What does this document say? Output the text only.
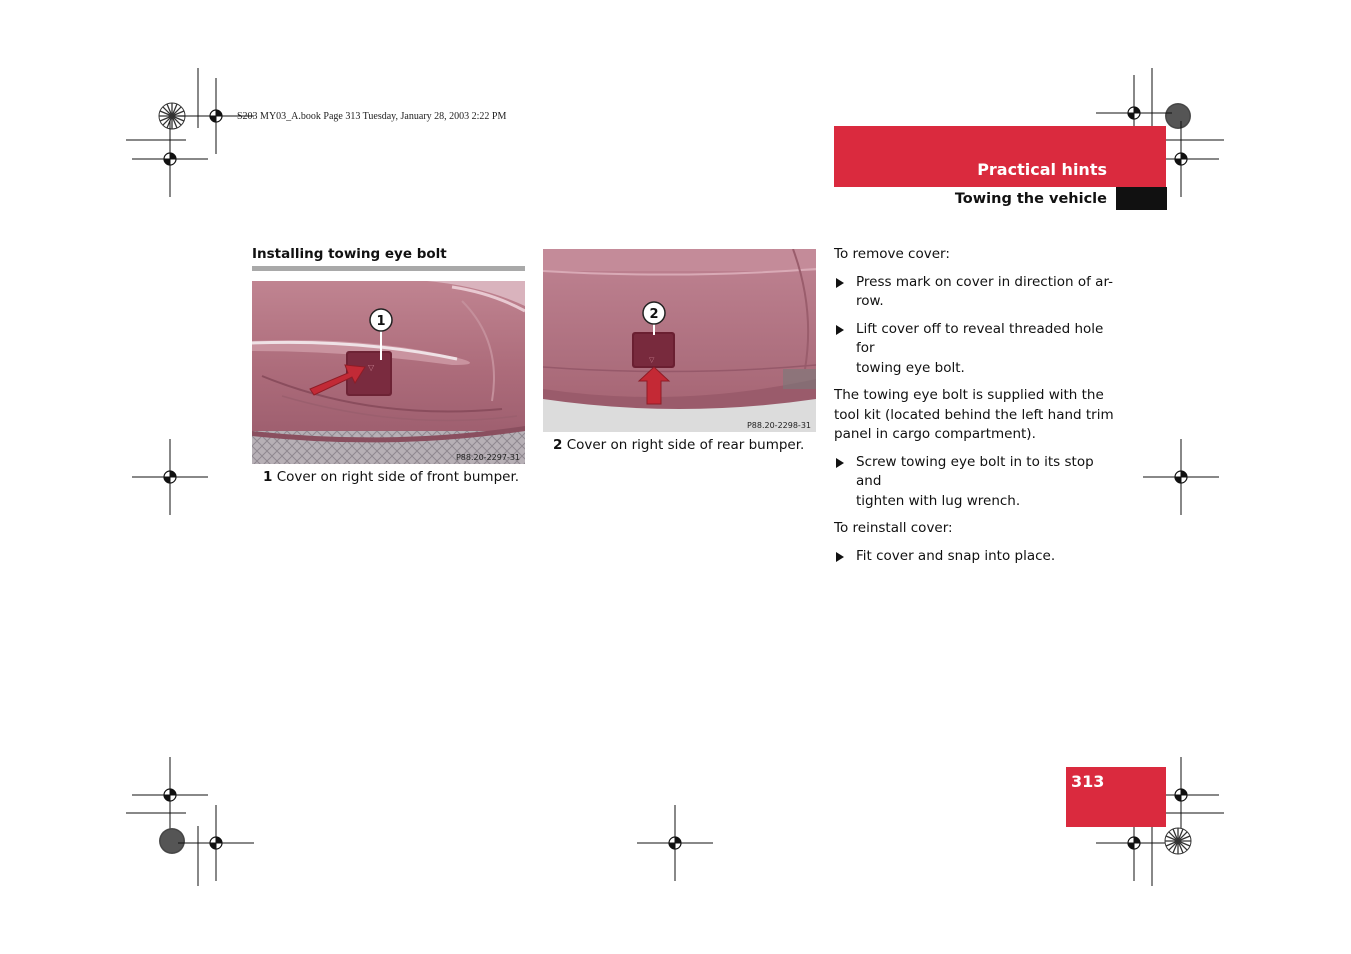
S203 MY03_A.book Page 313 Tuesday, January 28, 2003 2:22 PM
Practical hints
Towing the vehicle
Installing towing eye bolt
▽
1
P88.20-2297-31
1 Cover on right side of front bumper.
▽
2
P88.20-2298-31
2 Cover on right side of rear bumper.

To remove cover:

Press mark on cover in direction of ar-
row.
Lift cover off to reveal threaded hole for
towing eye bolt.

The towing eye bolt is supplied with the
tool kit (located behind the left hand trim
panel in cargo compartment).

Screw towing eye bolt in to its stop and
tighten with lug wrench.

To reinstall cover:

Fit cover and snap into place.
313
